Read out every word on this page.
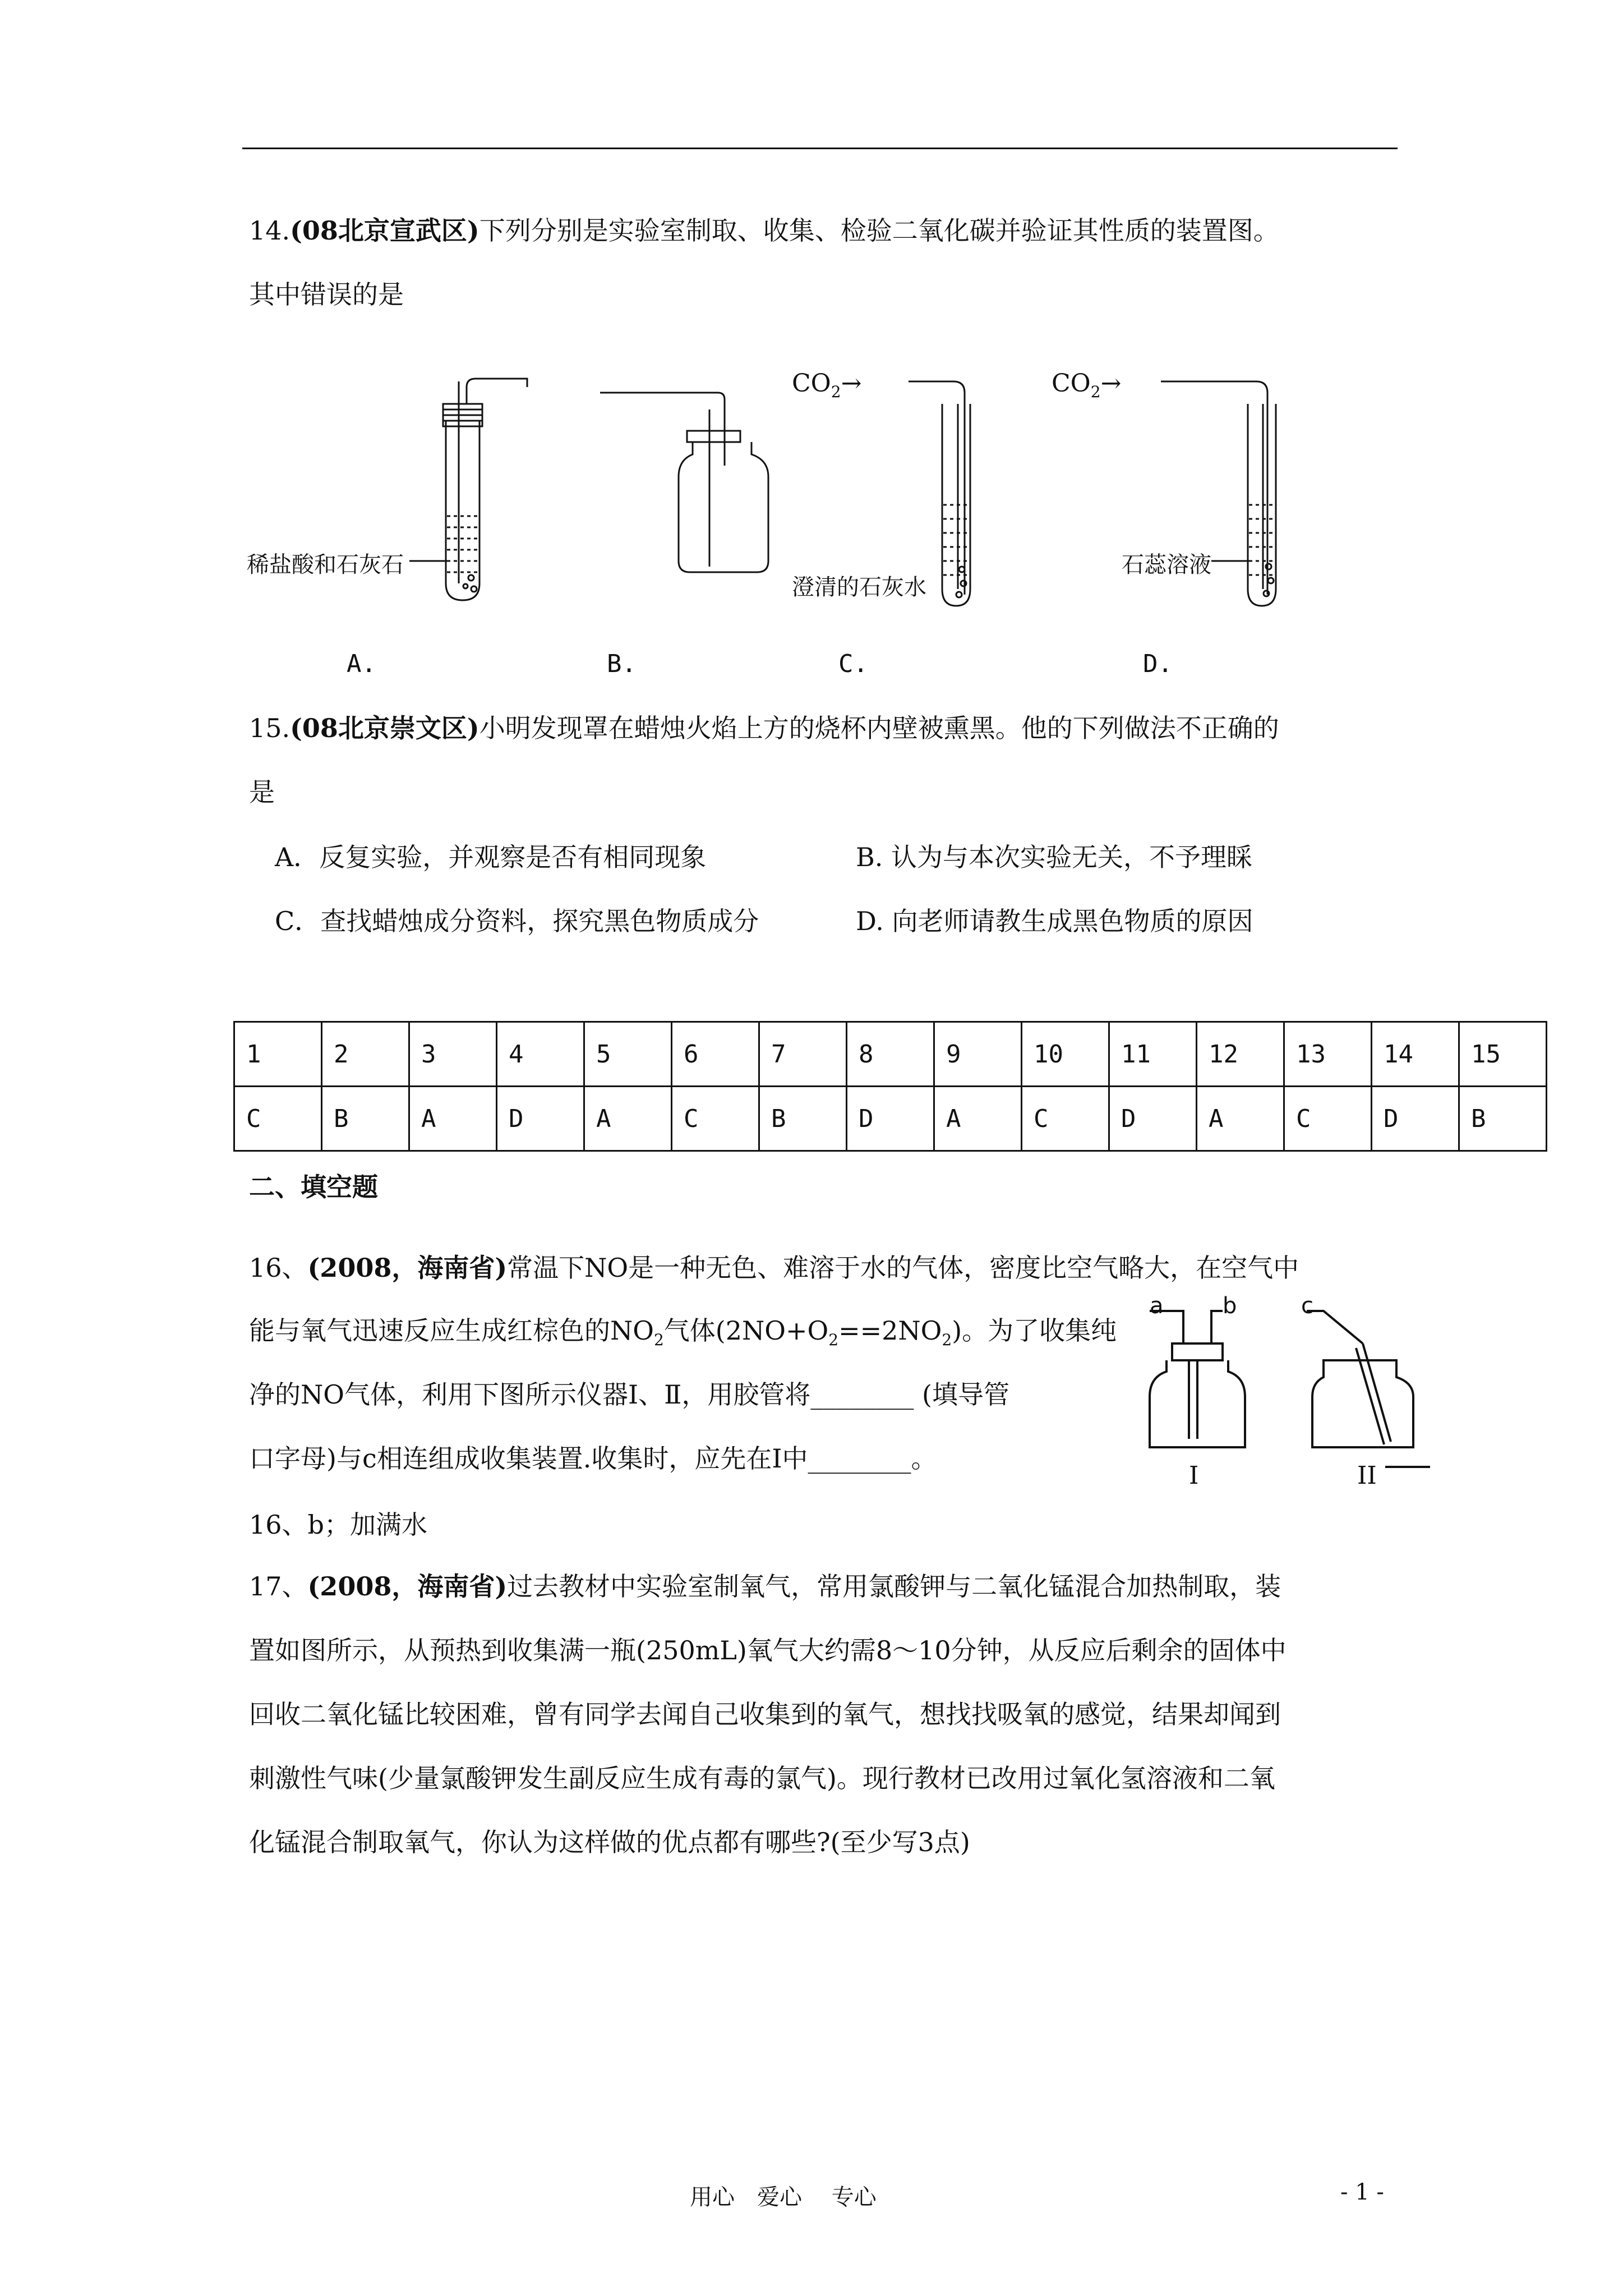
14.(08北京宣武区)下列分别是实验室制取、收集、检验二氧化碳并验证其性质的装置图。
其中错误的是
稀盐酸和石灰石
$CO_2\to$
澄清的石灰水
$CO_2\to$
石蕊溶液
A.	B.	C.	D.
15.(08北京崇文区)小明发现罩在蜡烛火焰上方的烧杯内壁被熏黑。他的下列做法不正确的
是
A．反复实验，并观察是否有相同现象	B. 认为与本次实验无关，不予理睬
C．查找蜡烛成分资料，探究黑色物质成分	D. 向老师请教生成黑色物质的原因
1	2	3	4	5	6	7	8	9	10	11	12	13	14	15
C	B	A	D	A	C	B	D	A	C	D	A	C	D	B
二、填空题
16、(2008，海南省)常温下NO是一种无色、难溶于水的气体，密度比空气略大，在空气中
能与氧气迅速反应生成红棕色的$NO_2$气体$(2NO+O_2==2NO_2)$。为了收集纯
净的NO气体，利用下图所示仪器Ⅰ、Ⅱ，用胶管将________ (填导管
口字母)与c相连组成收集装置.收集时，应先在Ⅰ中________。
a	b	c
I	II
16、b；加满水
17、(2008，海南省)过去教材中实验室制氧气，常用氯酸钾与二氧化锰混合加热制取，装
置如图所示，从预热到收集满一瓶(250mL)氧气大约需8～10分钟，从反应后剩余的固体中
回收二氧化锰比较困难，曾有同学去闻自己收集到的氧气，想找找吸氧的感觉，结果却闻到
刺激性气味(少量氯酸钾发生副反应生成有毒的氯气)。现行教材已改用过氧化氢溶液和二氧
化锰混合制取氧气，你认为这样做的优点都有哪些?(至少写3点)
用心　爱心　 专心	- 1 -
